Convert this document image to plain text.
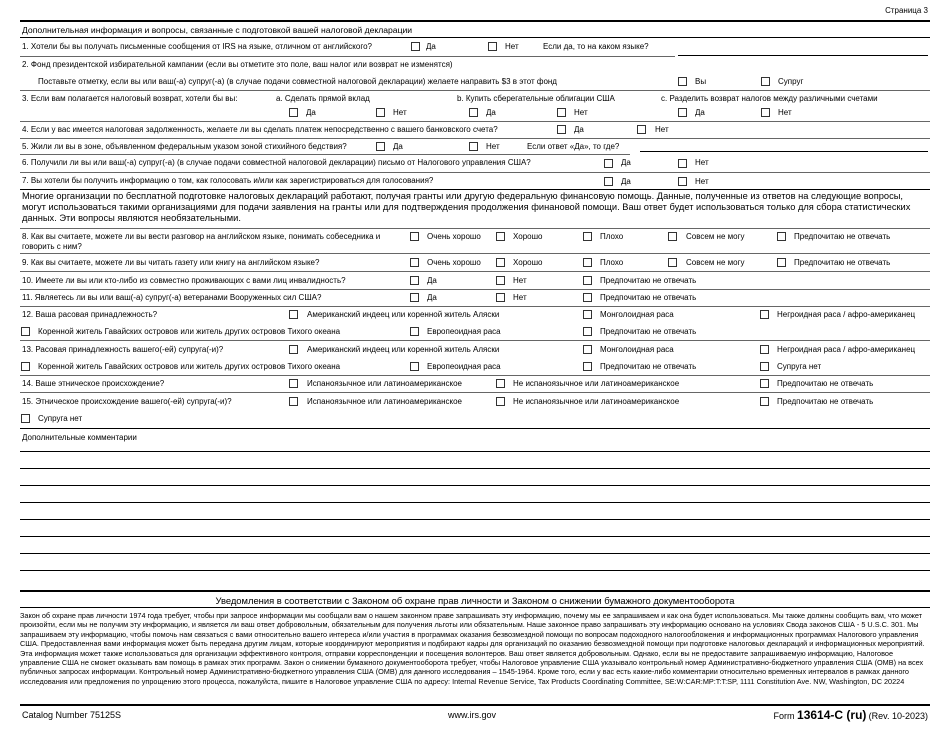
Страница 3
Дополнительная информация и вопросы, связанные с подготовкой вашей налоговой декларации
1. Хотели бы вы получать письменные сообщения от IRS на языке, отличном от английского?	Да	Нет	Если да, то на каком языке?
2. Фонд президентской избирательной кампании (если вы отметите это поле, ваш налог или возврат не изменятся)
Поставьте отметку, если вы или ваш(-а) супруг(-а) (в случае подачи совместной налоговой декларации) желаете направить $3 в этот фонд	Вы	Супруг
3. Если вам полагается налоговый возврат, хотели бы вы:	a. Сделать прямой вклад	b. Купить сберегательные облигации США	c. Разделить возврат налогов между различными счетами
Да	Нет	Да	Нет	Да	Нет
4. Если у вас имеется налоговая задолженность, желаете ли вы сделать платеж непосредственно с вашего банковского счета?	Да	Нет
5. Жили ли вы в зоне, объявленном федеральным указом зоной стихийного бедствия?	Да	Нет	Если ответ «Да», то где?
6. Получили ли вы или ваш(-а) супруг(-а) (в случае подачи совместной налоговой декларации) письмо от Налогового управления США?	Да	Нет
7. Вы хотели бы получить информацию о том, как голосовать и/или как зарегистрироваться для голосования?	Да	Нет
Многие организации по бесплатной подготовке налоговых деклараций работают, получая гранты или другую федеральную финансовую помощь. Данные, полученные из ответов на следующие вопросы, могут использоваться такими организациями для подачи заявления на гранты или для подтверждения продолжения финановой помощи. Ваш ответ будет использоваться только для сбора статистических данных. Эти вопросы являются необязательными.
8. Как вы считаете, можете ли вы вести разговор на английском языке, понимать собеседника и говорить с ним?
Очень хорошо	Хорошо	Плохо	Совсем не могу	Предпочитаю не отвечать
9. Как вы считаете, можете ли вы читать газету или книгу на английском языке?	Очень хорошо	Хорошо	Плохо	Совсем не могу	Предпочитаю не отвечать
10. Имеете ли вы или кто-либо из совместно проживающих с вами лиц инвалидность?	Да	Нет	Предпочитаю не отвечать
11. Являетесь ли вы или ваш(-а) супруг(-а) ветеранами Вооруженных сил США?	Да	Нет	Предпочитаю не отвечать
12. Ваша расовая принадлежность?	Американский индеец или коренной житель Аляски	Монголоидная раса	Негроидная раса / афро-американец
Коренной житель Гавайских островов или житель других островов Тихого океана	Европеоидная раса	Предпочитаю не отвечать
13. Расовая принадлежность вашего(-ей) супруга(-и)?	Американский индеец или коренной житель Аляски	Монголоидная раса	Негроидная раса / афро-американец
Коренной житель Гавайских островов или житель других островов Тихого океана	Европеоидная раса	Предпочитаю не отвечать	Супруга нет
14. Ваше этническое происхождение?	Испаноязычное или латиноамериканское	Не испаноязычное или латиноамериканское	Предпочитаю не отвечать
15. Этническое происхождение вашего(-ей) супруга(-и)?	Испаноязычное или латиноамериканское	Не испаноязычное или латиноамериканское	Предпочитаю не отвечать
Супруга нет
Дополнительные комментарии
Уведомления в соответствии с Законом об охране прав личности и Законом о снижении бумажного документооборота
Закон об охране прав личности 1974 года требует, чтобы при запросе информации мы сообщали вам о нашем законном праве запрашивать эту информацию, почему мы ее запрашиваем и как она будет использоваться. Мы также должны сообщить вам, что может произойти, если мы не получим эту информацию, и является ли ваш ответ добровольным, обязательным для получения льготы или обязательным. Наше законное право запрашивать эту информацию основано на условиях Свода законов США - 5 U.S.C. 301. Мы запрашиваем эту информацию, чтобы помочь нам связаться с вами относительно вашего интереса и/или участия в программах оказания безвозмездной помощи по вопросам подоходного налогообложения и информационных программах Налогового управления США. Предоставленная вами информация может быть передана другим лицам, которые координируют мероприятия и подбирают кадры для организаций по оказанию безвозмездной помощи при подготовке налоговых деклараций и информационных мероприятий. Эта информация может также использоваться для организации эффективного контроля, отправки корреспонденции и посещения волонтеров. Ваш ответ является добровольным. Однако, если вы не предоставите запрашиваемую информацию, Налоговое управление США не сможет оказывать вам помощь в рамках этих программ. Закон о снижении бумажного документооборота требует, чтобы Налоговое управление США указывало контрольный номер Административно-бюджетного управления США (OMB) на всех публичных запросах информации. Контрольный номер Административно-бюджетного управления США (OMB) для данного исследования – 1545-1964. Кроме того, если у вас есть какие-либо комментарии относительно временных интервалов в рамках данного исследования или предложения по упрощению этого процесса, пожалуйста, пишите в Налоговое управление США по адресу: Internal Revenue Service, Tax Products Coordinating Committee, SE:W:CAR:MP:T:T:SP, 1111 Constitution Ave. NW, Washington, DC 20224
Catalog Number 75125S	www.irs.gov	Form 13614-C (ru) (Rev. 10-2023)
